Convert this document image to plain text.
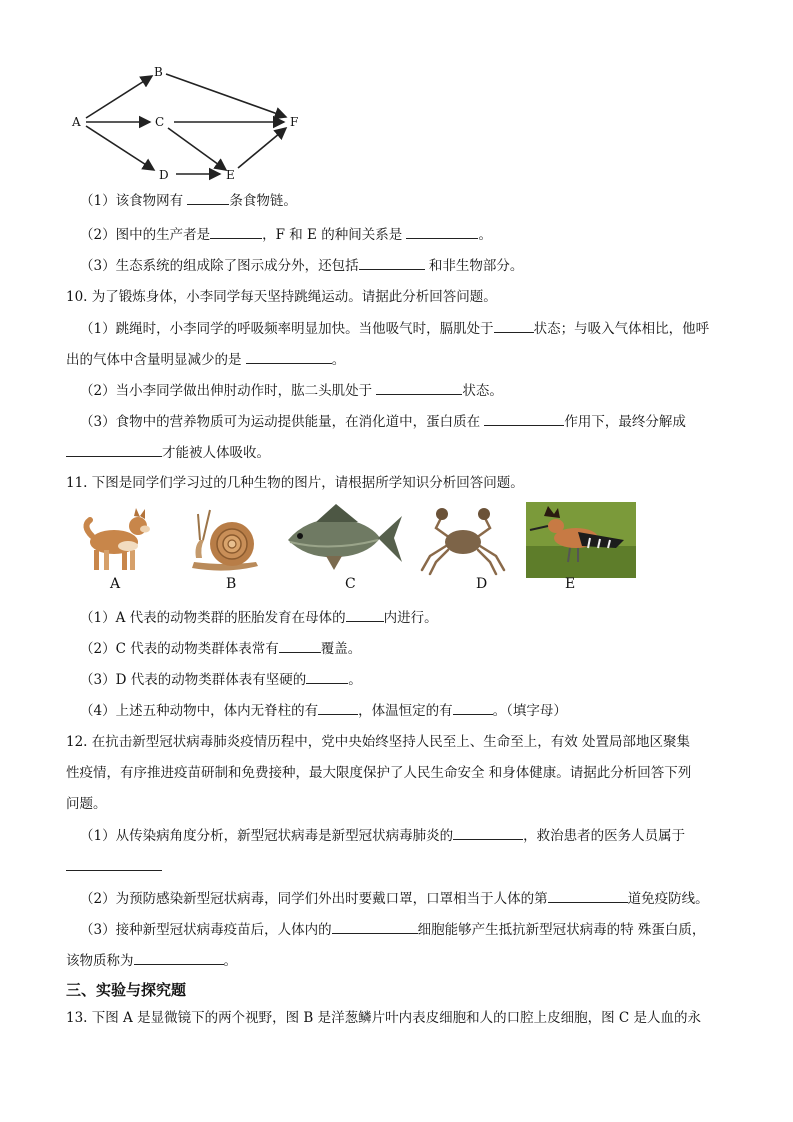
A
B
C
D	E
F
（1）该食物网有	条食物链。
（2）图中的生产者是	，F 和 E 的种间关系是	。
（3）生态系统的组成除了图示成分外，还包括	和非生物部分。
10. 为了锻炼身体，小李同学每天坚持跳绳运动。请据此分析回答问题。
（1）跳绳时，小李同学的呼吸频率明显加快。当他吸气时，膈肌处于	状态；与吸入气体相比，他呼
出的气体中含量明显减少的是	。
（2）当小李同学做出伸肘动作时，肱二头肌处于	状态。
（3）食物中的营养物质可为运动提供能量，在消化道中，蛋白质在	作用下，最终分解成
才能被人体吸收。
11. 下图是同学们学习过的几种生物的图片，请根据所学知识分析回答问题。
A	B	C	D	E
（1）A 代表的动物类群的胚胎发育在母体的	内进行。
（2）C 代表的动物类群体表常有	覆盖。
（3）D 代表的动物类群体表有坚硬的	。
（4）上述五种动物中，体内无脊柱的有	，体温恒定的有	。（填字母）
12. 在抗击新型冠状病毒肺炎疫情历程中，党中央始终坚持人民至上、生命至上，有效 处置局部地区聚集
性疫情，有序推进疫苗研制和免费接种，最大限度保护了人民生命安全 和身体健康。请据此分析回答下列
问题。
（1）从传染病角度分析，新型冠状病毒是新型冠状病毒肺炎的	，救治患者的医务人员属于
（2）为预防感染新型冠状病毒，同学们外出时要戴口罩，口罩相当于人体的第	道免疫防线。
（3）接种新型冠状病毒疫苗后，人体内的	细胞能够产生抵抗新型冠状病毒的特 殊蛋白质，
该物质称为	。
三、实验与探究题
13. 下图 A 是显微镜下的两个视野，图 B 是洋葱鳞片叶内表皮细胞和人的口腔上皮细胞，图 C 是人血的永
